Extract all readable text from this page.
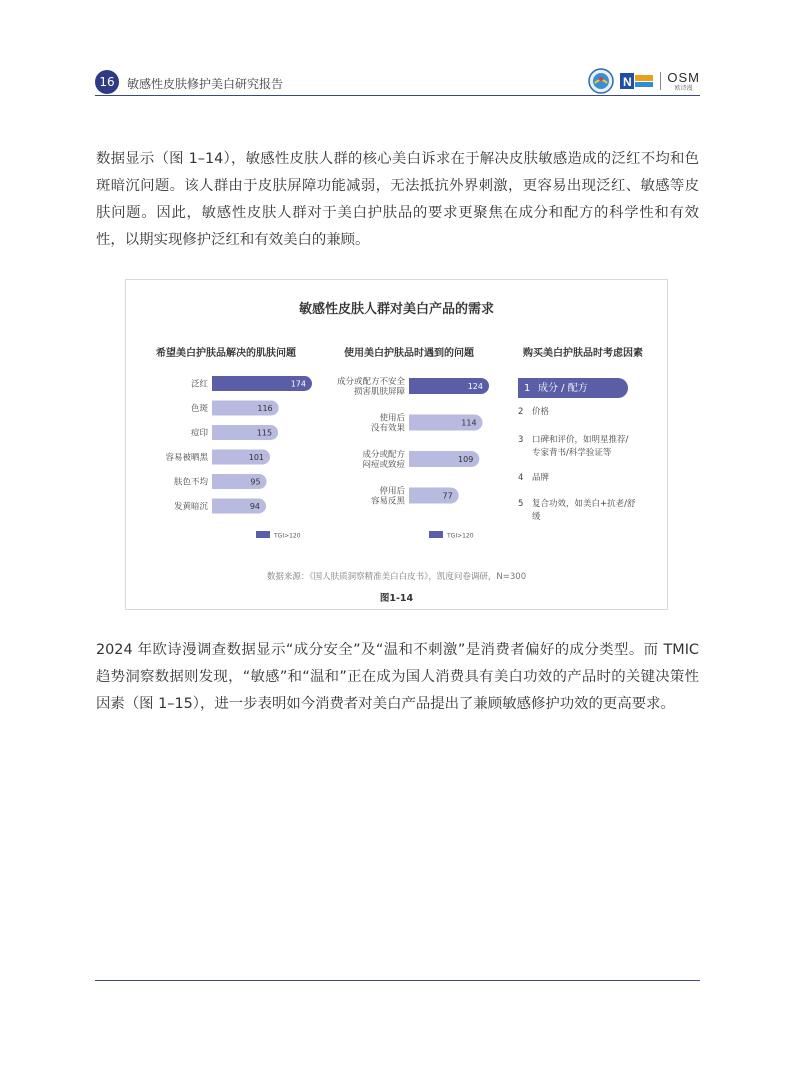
16	敏感性皮肤修护美白研究报告	N	OSM
欧诗漫

数据显示（图 1–14），敏感性皮肤人群的核心美白诉求在于解决皮肤敏感造成的泛红不均和色斑暗沉问题。该人群由于皮肤屏障功能减弱，无法抵抗外界刺激，更容易出现泛红、敏感等皮肤问题。因此，敏感性皮肤人群对于美白护肤品的要求更聚焦在成分和配方的科学性和有效性，以期实现修护泛红和有效美白的兼顾。

敏感性皮肤人群对美白产品的需求
希望美白护肤品解决的肌肤问题	使用美白护肤品时遇到的问题	购买美白护肤品时考虑因素
174
泛红
116
色斑
115
痘印
101
容易被晒黑
95
肤色不均
94
发黄暗沉
TGI>120
124
成分或配方不安全
损害肌肤屏障
114
使用后
没有效果
109
成分或配方
闷痘或致痘
77
停用后
容易反黑
TGI>120
1 成分 / 配方
2	价格
3	口碑和评价，如明星推荐/专家背书/科学验证等
4	品牌
5	复合功效，如美白+抗老/舒缓
数据来源：《国人肤质洞察精准美白白皮书》，凯度问卷调研，N=300
图1-14

2024 年欧诗漫调查数据显示“成分安全”及“温和不刺激”是消费者偏好的成分类型。而 TMIC 趋势洞察数据则发现，“敏感”和“温和”正在成为国人消费具有美白功效的产品时的关键决策性因素（图 1–15），进一步表明如今消费者对美白产品提出了兼顾敏感修护功效的更高要求。
